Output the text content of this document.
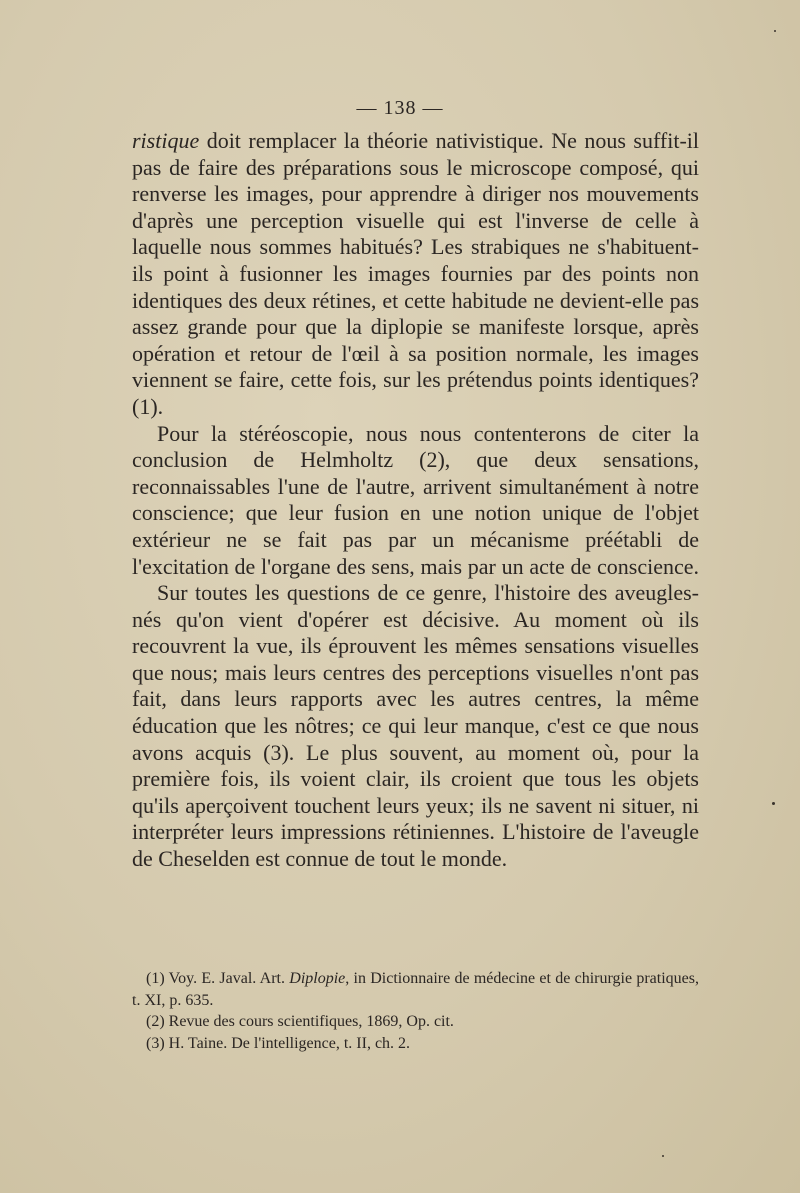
— 138 —

ristique doit remplacer la théorie nativistique. Ne nous suffit-il pas de faire des préparations sous le microscope composé, qui renverse les images, pour apprendre à diriger nos mouvements d'après une perception visuelle qui est l'inverse de celle à laquelle nous sommes habitués? Les strabiques ne s'habituent-ils point à fusionner les images fournies par des points non identiques des deux rétines, et cette habitude ne devient-elle pas assez grande pour que la diplopie se manifeste lorsque, après opération et retour de l'œil à sa position normale, les images viennent se faire, cette fois, sur les prétendus points identiques? (1).

Pour la stéréoscopie, nous nous contenterons de citer la conclusion de Helmholtz (2), que deux sensations, reconnaissables l'une de l'autre, arrivent simultanément à notre conscience; que leur fusion en une notion unique de l'objet extérieur ne se fait pas par un mécanisme préétabli de l'excitation de l'organe des sens, mais par un acte de conscience.

Sur toutes les questions de ce genre, l'histoire des aveugles-nés qu'on vient d'opérer est décisive. Au moment où ils recouvrent la vue, ils éprouvent les mêmes sensations visuelles que nous; mais leurs centres des perceptions visuelles n'ont pas fait, dans leurs rapports avec les autres centres, la même éducation que les nôtres; ce qui leur manque, c'est ce que nous avons acquis (3). Le plus souvent, au moment où, pour la première fois, ils voient clair, ils croient que tous les objets qu'ils aperçoivent touchent leurs yeux; ils ne savent ni situer, ni interpréter leurs impressions rétiniennes. L'histoire de l'aveugle de Cheselden est connue de tout le monde.

(1) Voy. E. Javal. Art. Diplopie, in Dictionnaire de médecine et de chirurgie pratiques, t. XI, p. 635.

(2) Revue des cours scientifiques, 1869, Op. cit.

(3) H. Taine. De l'intelligence, t. II, ch. 2.
